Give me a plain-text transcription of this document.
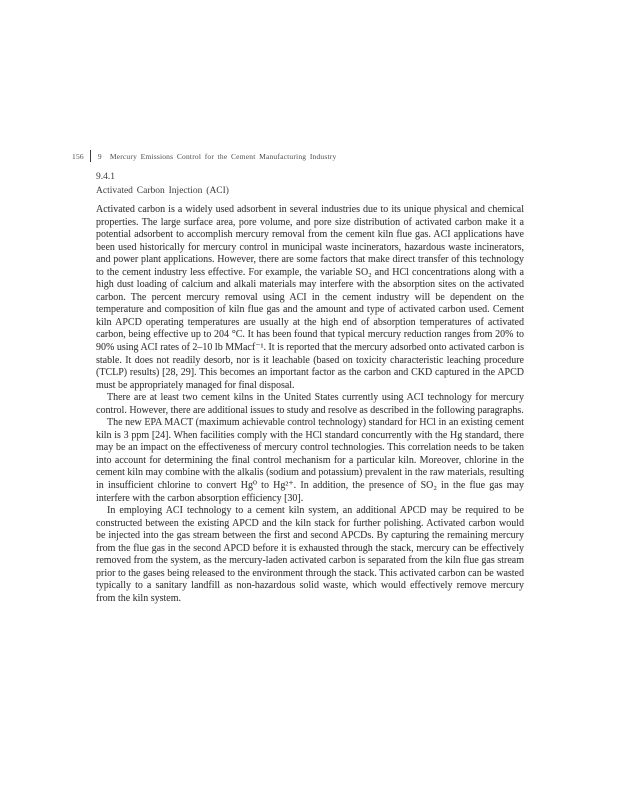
156 9 Mercury Emissions Control for the Cement Manufacturing Industry
9.4.1
Activated Carbon Injection (ACI)

Activated carbon is a widely used adsorbent in several industries due to its unique physical and chemical properties. The large surface area, pore volume, and pore size distribution of activated carbon make it a potential adsorbent to accomplish mercury removal from the cement kiln flue gas. ACI applications have been used historically for mercury control in municipal waste incinerators, hazardous waste incinerators, and power plant applications. However, there are some factors that make direct transfer of this technology to the cement industry less effective. For example, the variable SO₂ and HCl concentrations along with a high dust loading of calcium and alkali materials may interfere with the absorption sites on the activated carbon. The percent mercury removal using ACI in the cement industry will be dependent on the temperature and composition of kiln flue gas and the amount and type of activated carbon used. Cement kiln APCD operating temperatures are usually at the high end of absorption temperatures of activated carbon, being effective up to 204 °C. It has been found that typical mercury reduction ranges from 20% to 90% using ACI rates of 2–10 lb MMacf⁻¹. It is reported that the mercury adsorbed onto activated carbon is stable. It does not readily desorb, nor is it leachable (based on toxicity characteristic leaching procedure (TCLP) results) [28, 29]. This becomes an important factor as the carbon and CKD captured in the APCD must be appropriately managed for final disposal.

There are at least two cement kilns in the United States currently using ACI technology for mercury control. However, there are additional issues to study and resolve as described in the following paragraphs.

The new EPA MACT (maximum achievable control technology) standard for HCl in an existing cement kiln is 3 ppm [24]. When facilities comply with the HCl standard concurrently with the Hg standard, there may be an impact on the effectiveness of mercury control technologies. This correlation needs to be taken into account for determining the final control mechanism for a particular kiln. Moreover, chlorine in the cement kiln may combine with the alkalis (sodium and potassium) prevalent in the raw materials, resulting in insufficient chlorine to convert Hg⁰ to Hg²⁺. In addition, the presence of SO₂ in the flue gas may interfere with the carbon absorption efficiency [30].

In employing ACI technology to a cement kiln system, an additional APCD may be required to be constructed between the existing APCD and the kiln stack for further polishing. Activated carbon would be injected into the gas stream between the first and second APCDs. By capturing the remaining mercury from the flue gas in the second APCD before it is exhausted through the stack, mercury can be effectively removed from the system, as the mercury-laden activated carbon is separated from the kiln flue gas stream prior to the gases being released to the environment through the stack. This activated carbon can be wasted typically to a sanitary landfill as non-hazardous solid waste, which would effectively remove mercury from the kiln system.
